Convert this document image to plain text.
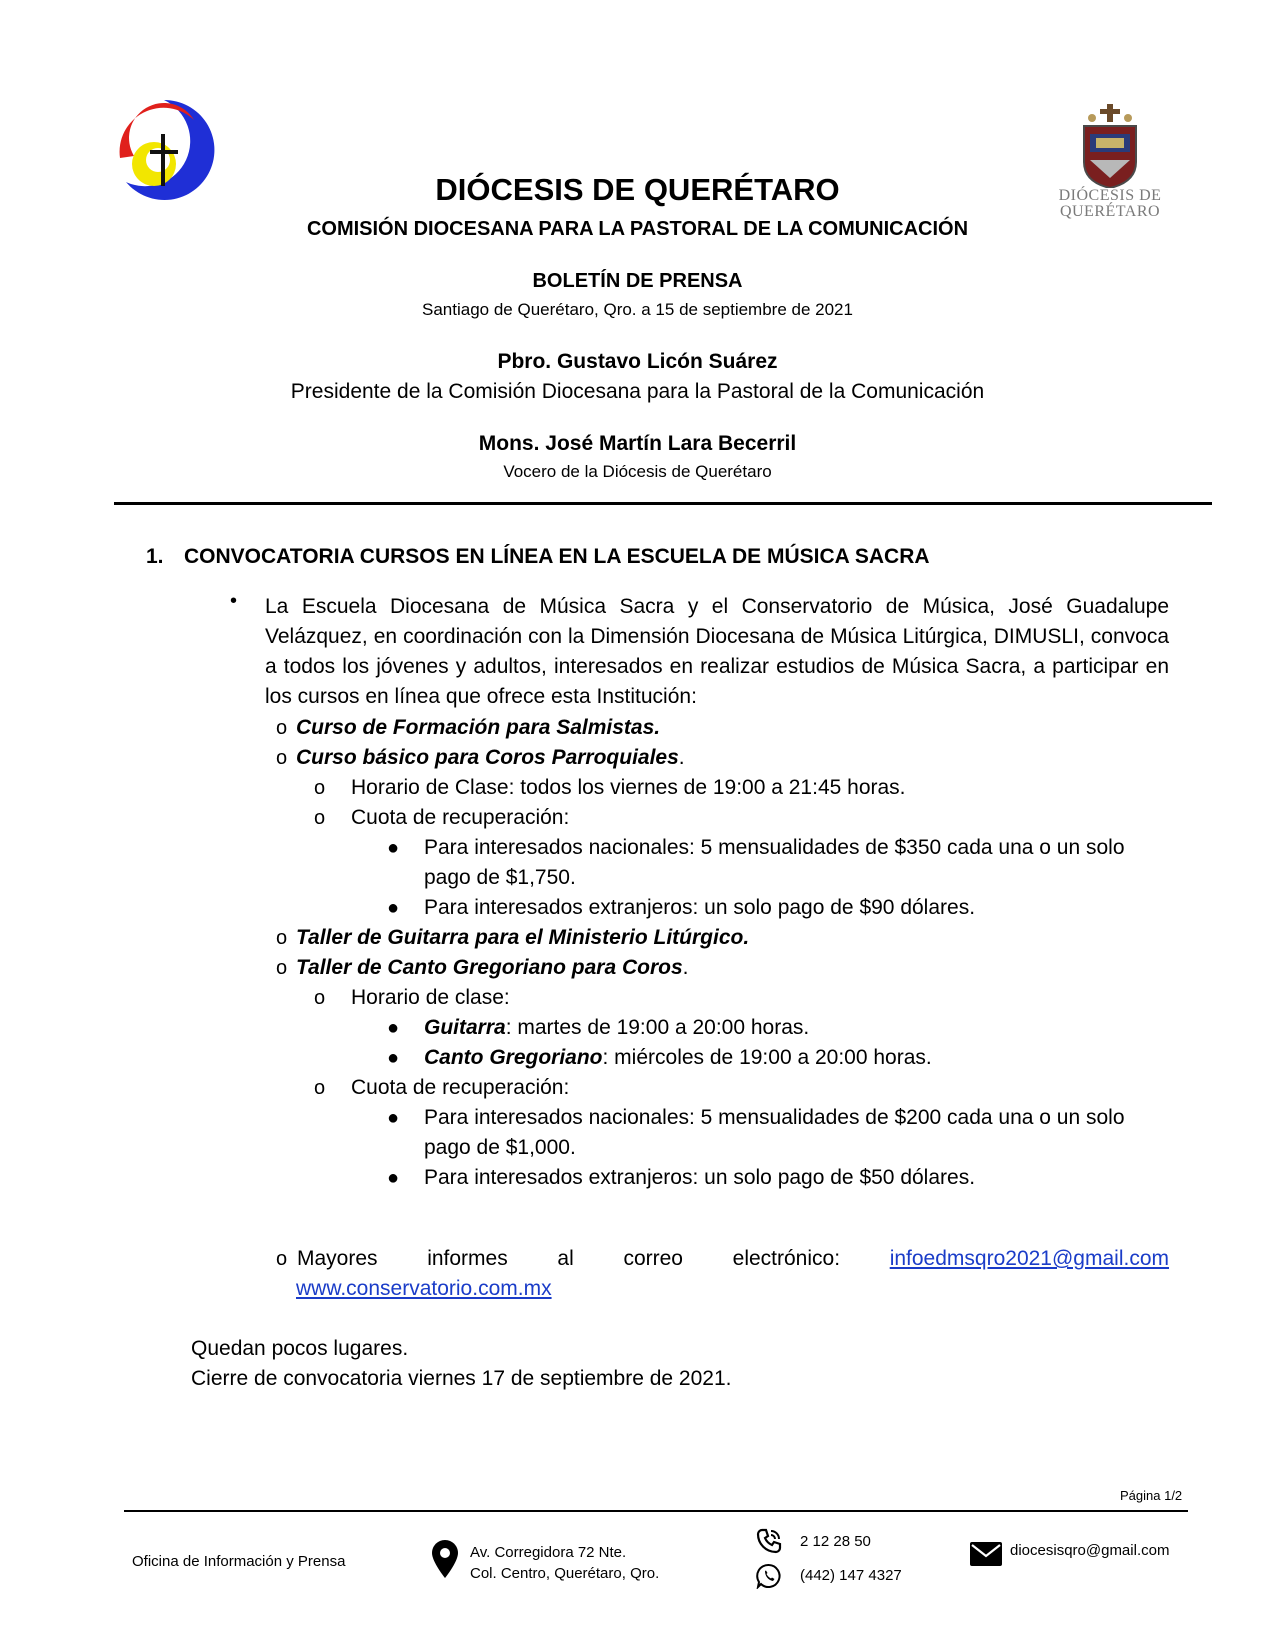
DIÓCESIS DE
QUERÉTARO
DIÓCESIS DE QUERÉTARO
COMISIÓN DIOCESANA PARA LA PASTORAL DE LA COMUNICACIÓN
BOLETÍN DE PRENSA
Santiago de Querétaro, Qro. a 15 de septiembre de 2021
Pbro. Gustavo Licón Suárez
Presidente de la Comisión Diocesana para la Pastoral de la Comunicación
Mons. José Martín Lara Becerril
Vocero de la Diócesis de Querétaro
1. CONVOCATORIA CURSOS EN LÍNEA EN LA ESCUELA DE MÚSICA SACRA
• La Escuela Diocesana de Música Sacra y el Conservatorio de Música, José Guadalupe Velázquez, en coordinación con la Dimensión Diocesana de Música Litúrgica, DIMUSLI, convoca a todos los jóvenes y adultos, interesados en realizar estudios de Música Sacra, a participar en los cursos en línea que ofrece esta Institución:
o Curso de Formación para Salmistas.
o Curso básico para Coros Parroquiales.
o Horario de Clase: todos los viernes de 19:00 a 21:45 horas.
o Cuota de recuperación:
● Para interesados nacionales: 5 mensualidades de $350 cada una o un solo
pago de $1,750.
● Para interesados extranjeros: un solo pago de $90 dólares.
o Taller de Guitarra para el Ministerio Litúrgico.
o Taller de Canto Gregoriano para Coros.
o Horario de clase:
● Guitarra: martes de 19:00 a 20:00 horas.
● Canto Gregoriano: miércoles de 19:00 a 20:00 horas.
o Cuota de recuperación:
● Para interesados nacionales: 5 mensualidades de $200 cada una o un solo
pago de $1,000.
● Para interesados extranjeros: un solo pago de $50 dólares.
o Mayores informes al correo electrónico: infoedmsqro2021@gmail.com
www.conservatorio.com.mx
Quedan pocos lugares.
Cierre de convocatoria viernes 17 de septiembre de 2021.
Página 1/2
Oficina de Información y Prensa
Av. Corregidora 72 Nte.
Col. Centro, Querétaro, Qro.
2 12 28 50
(442) 147 4327
diocesisqro@gmail.com
